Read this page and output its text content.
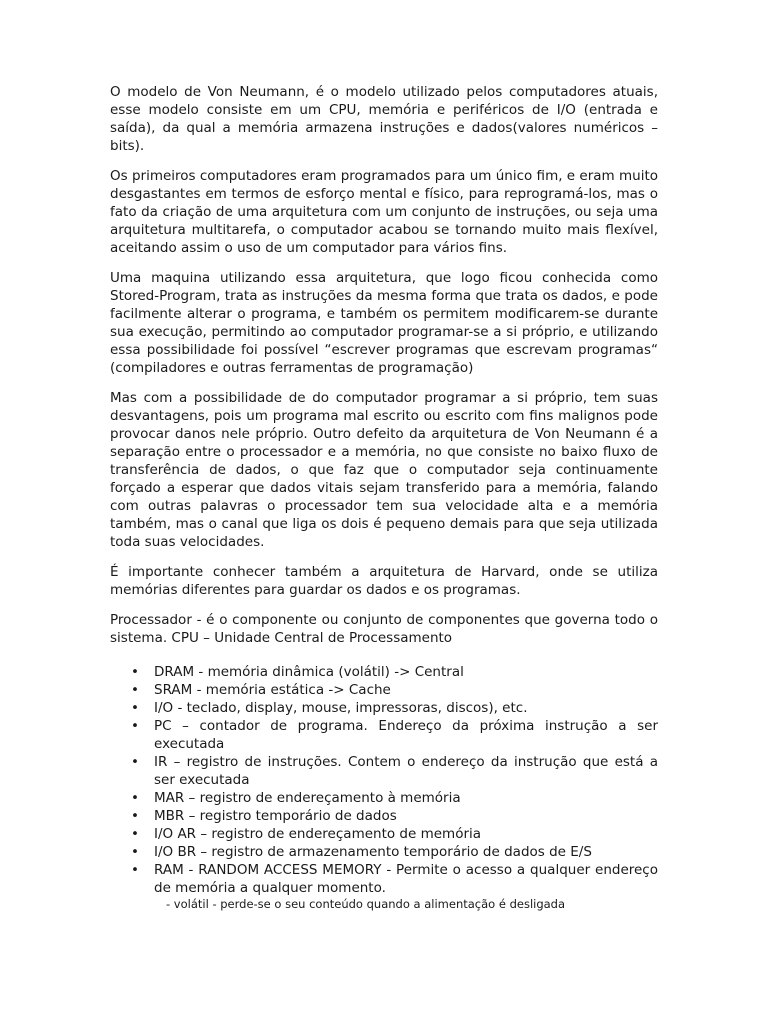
O modelo de Von Neumann, é o modelo utilizado pelos computadores atuais, esse modelo consiste em um CPU, memória e periféricos de I/O (entrada e saída), da qual a memória armazena instruções e dados(valores numéricos – bits).

Os primeiros computadores eram programados para um único fim, e eram muito desgastantes em termos de esforço mental e físico, para reprogramá-los, mas o fato da criação de uma arquitetura com um conjunto de instruções, ou seja uma arquitetura multitarefa, o computador acabou se tornando muito mais flexível, aceitando assim o uso de um computador para vários fins.

Uma maquina utilizando essa arquitetura, que logo ficou conhecida como Stored-Program, trata as instruções da mesma forma que trata os dados, e pode facilmente alterar o programa, e também os permitem modificarem-se durante sua execução, permitindo ao computador programar-se a si próprio, e utilizando essa possibilidade foi possível “escrever programas que escrevam programas“ (compiladores e outras ferramentas de programação)

Mas com a possibilidade de do computador programar a si próprio, tem suas desvantagens, pois um programa mal escrito ou escrito com fins malignos pode provocar danos nele próprio. Outro defeito da arquitetura de Von Neumann é a separação entre o processador e a memória, no que consiste no baixo fluxo de transferência de dados, o que faz que o computador seja continuamente forçado a esperar que dados vitais sejam transferido para a memória, falando com outras palavras o processador tem sua velocidade alta e a memória também, mas o canal que liga os dois é pequeno demais para que seja utilizada toda suas velocidades.

É importante conhecer também a arquitetura de Harvard, onde se utiliza memórias diferentes para guardar os dados e os programas.

Processador - é o componente ou conjunto de componentes que governa todo o sistema. CPU – Unidade Central de Processamento

• DRAM - memória dinâmica (volátil) -> Central
• SRAM - memória estática -> Cache
• I/O - teclado, display, mouse, impressoras, discos), etc.
• PC – contador de programa. Endereço da próxima instrução a ser executada
• IR – registro de instruções. Contem o endereço da instrução que está a ser executada
• MAR – registro de endereçamento à memória
• MBR – registro temporário de dados
• I/O AR – registro de endereçamento de memória
• I/O BR – registro de armazenamento temporário de dados de E/S
• RAM - RANDOM ACCESS MEMORY - Permite o acesso a qualquer endereço de memória a qualquer momento.
- volátil - perde-se o seu conteúdo quando a alimentação é desligada
